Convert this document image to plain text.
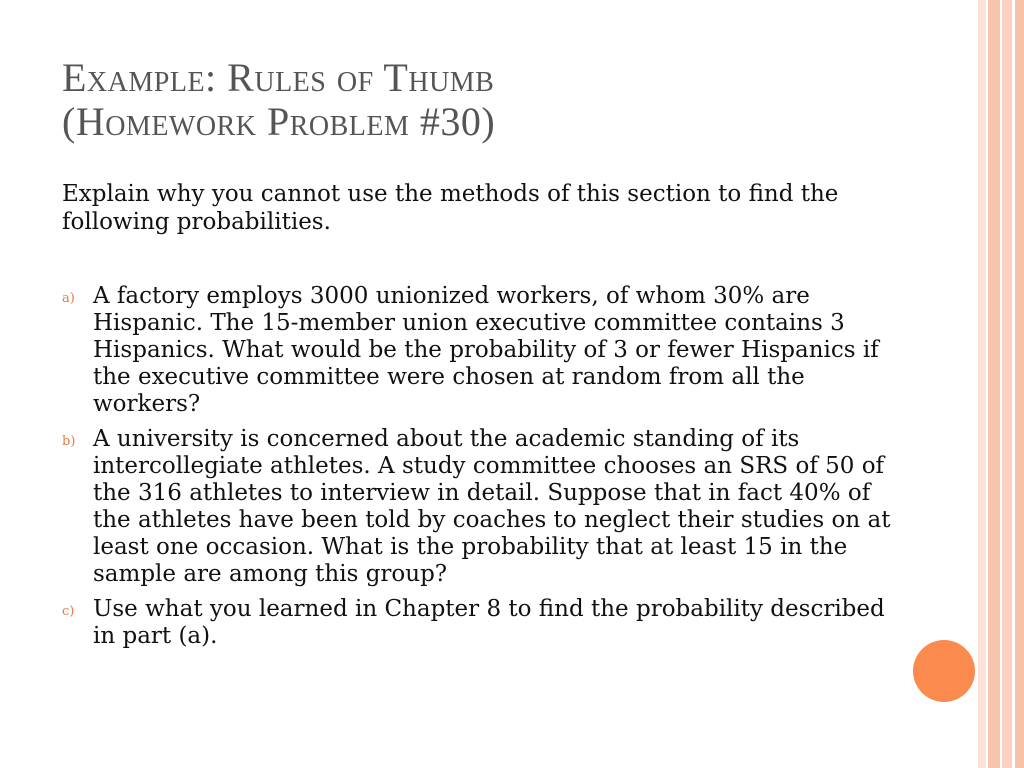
Example: Rules of Thumb
(Homework Problem #30)

Explain why you cannot use the methods of this section to find the following probabilities.

a) A factory employs 3000 unionized workers, of whom 30% are Hispanic. The 15-member union executive committee contains 3 Hispanics. What would be the probability of 3 or fewer Hispanics if the executive committee were chosen at random from all the workers?
b) A university is concerned about the academic standing of its intercollegiate athletes. A study committee chooses an SRS of 50 of the 316 athletes to interview in detail. Suppose that in fact 40% of the athletes have been told by coaches to neglect their studies on at least one occasion. What is the probability that at least 15 in the sample are among this group?
c) Use what you learned in Chapter 8 to find the probability described in part (a).
